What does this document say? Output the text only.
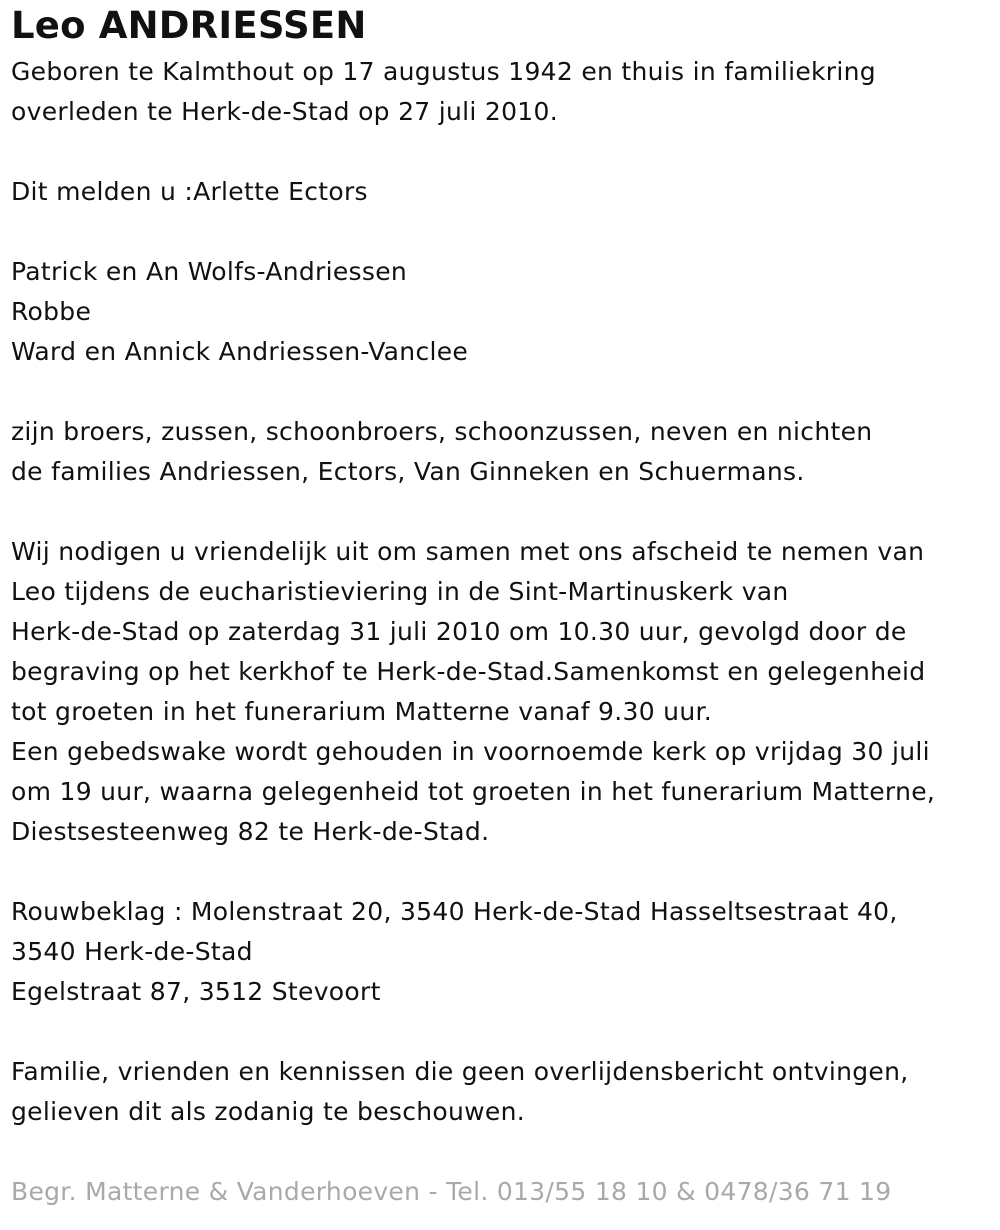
Leo ANDRIESSEN
Geboren te Kalmthout op 17 augustus 1942 en thuis in familiekring
overleden te Herk-de-Stad op 27 juli 2010.
Dit melden u :Arlette Ectors
Patrick en An Wolfs-Andriessen
Robbe
Ward en Annick Andriessen-Vanclee
zijn broers, zussen, schoonbroers, schoonzussen, neven en nichten
de families Andriessen, Ectors, Van Ginneken en Schuermans.
Wij nodigen u vriendelijk uit om samen met ons afscheid te nemen van
Leo tijdens de eucharistieviering in de Sint-Martinuskerk van
Herk-de-Stad op zaterdag 31 juli 2010 om 10.30 uur, gevolgd door de
begraving op het kerkhof te Herk-de-Stad.Samenkomst en gelegenheid
tot groeten in het funerarium Matterne vanaf 9.30 uur.
Een gebedswake wordt gehouden in voornoemde kerk op vrijdag 30 juli
om 19 uur, waarna gelegenheid tot groeten in het funerarium Matterne,
Diestsesteenweg 82 te Herk-de-Stad.
Rouwbeklag : Molenstraat 20, 3540 Herk-de-Stad Hasseltsestraat 40,
3540 Herk-de-Stad
Egelstraat 87, 3512 Stevoort
Familie, vrienden en kennissen die geen overlijdensbericht ontvingen,
gelieven dit als zodanig te beschouwen.
Begr. Matterne & Vanderhoeven - Tel. 013/55 18 10 & 0478/36 71 19
